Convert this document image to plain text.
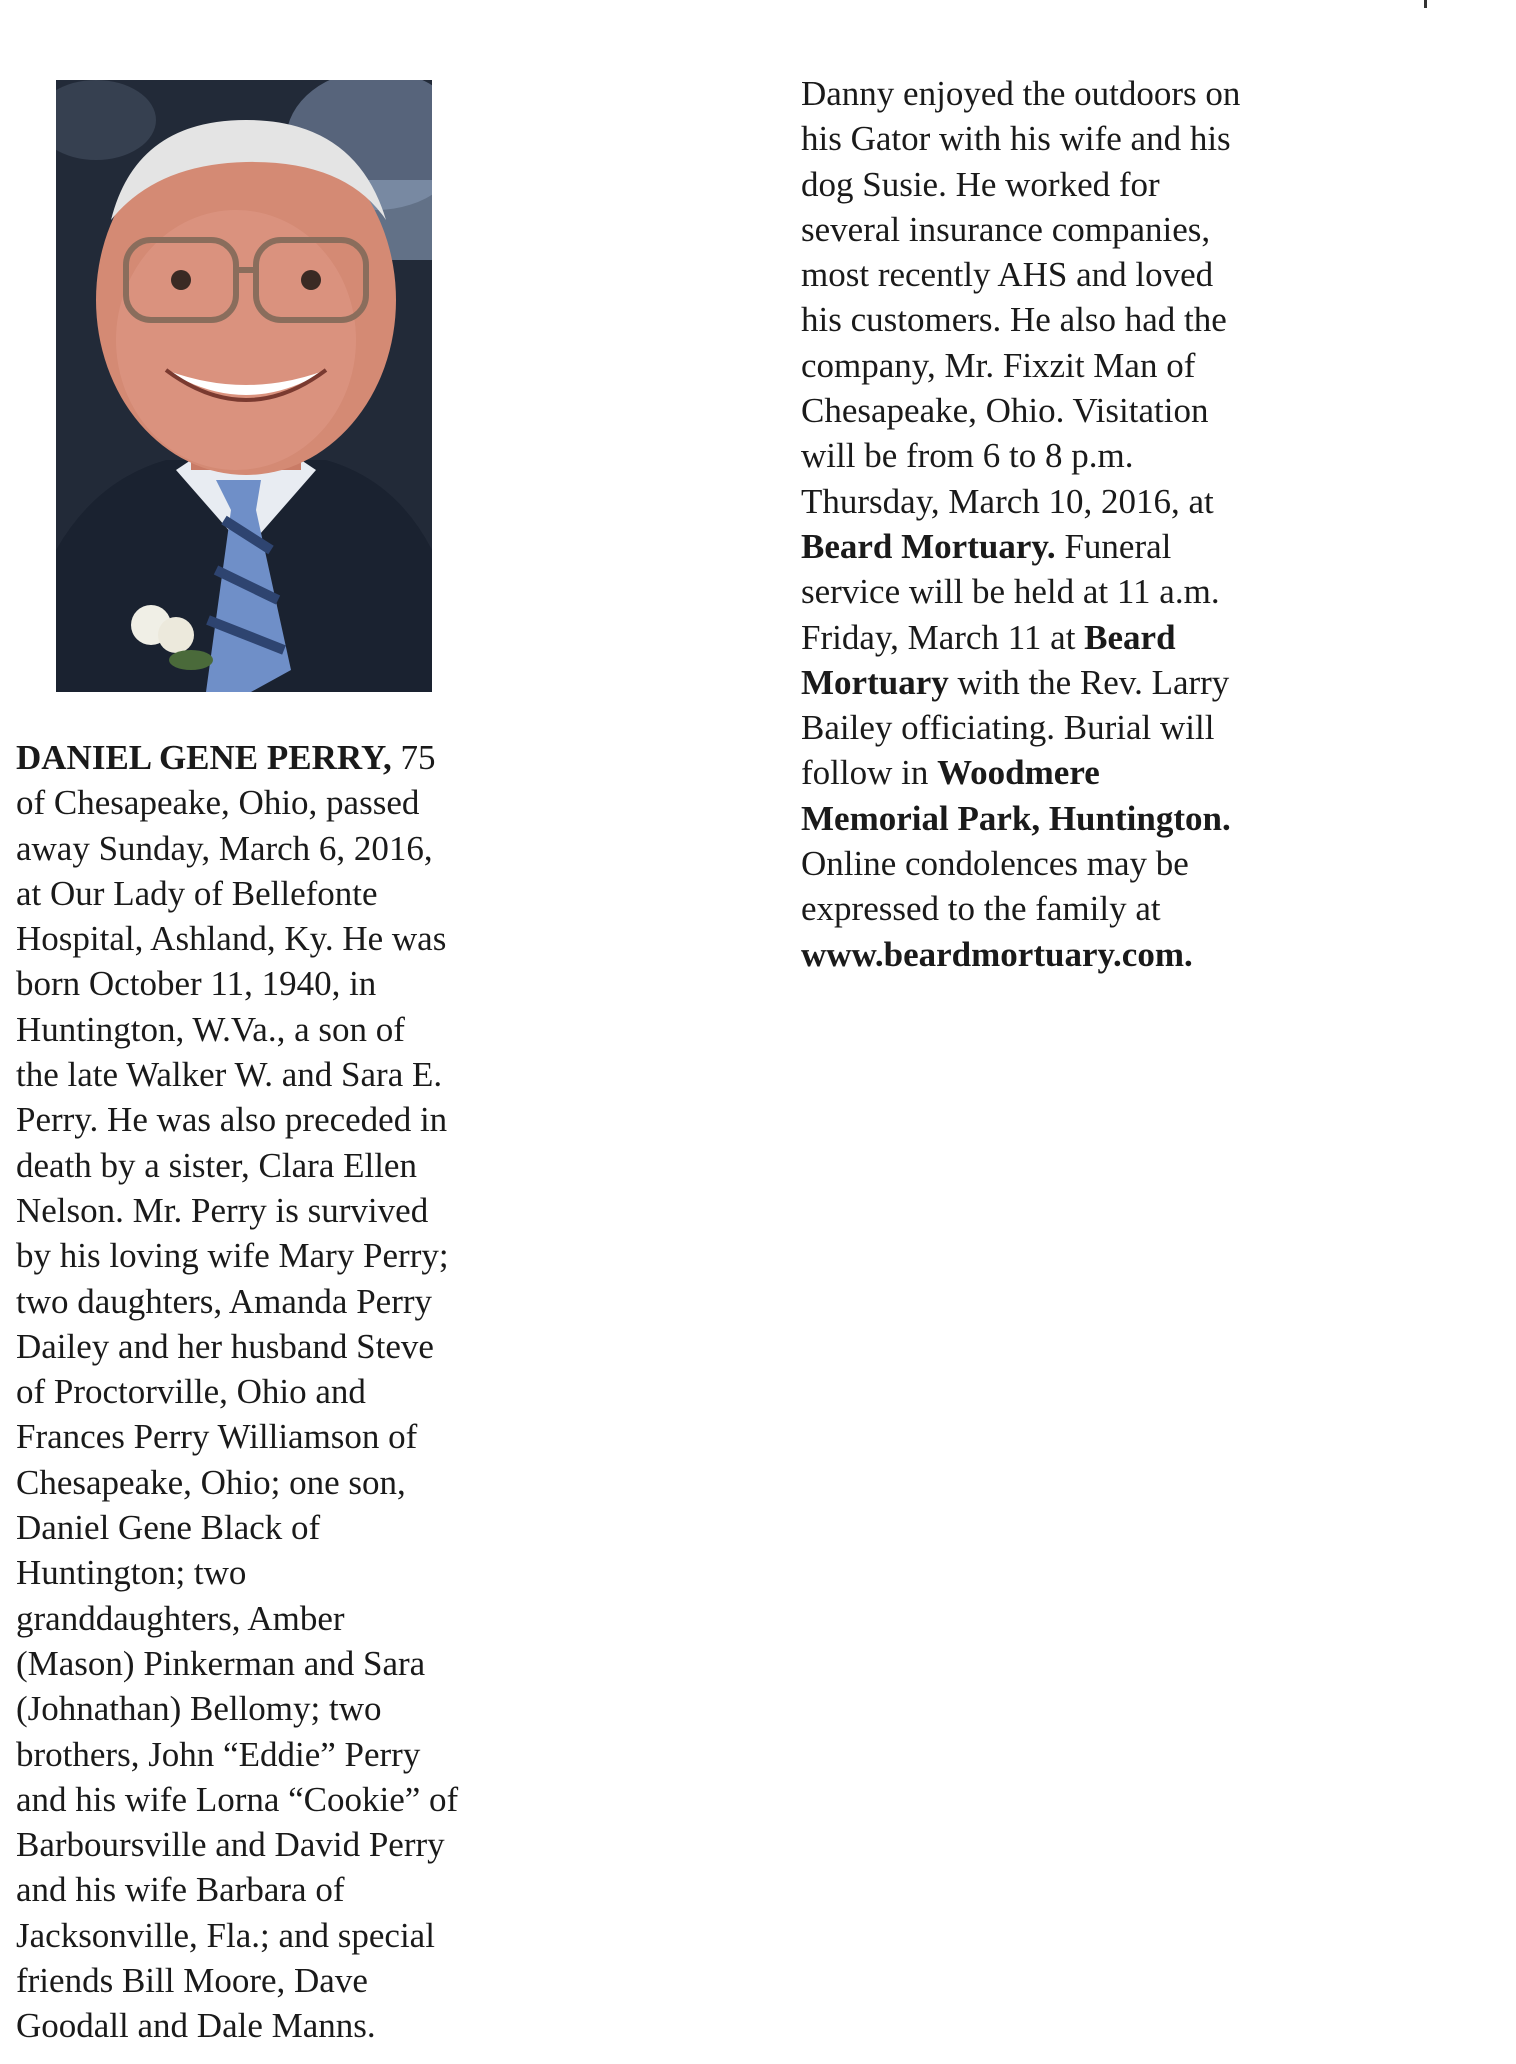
DANIEL GENE PERRY, 75
of Chesapeake, Ohio, passed
away Sunday, March 6, 2016,
at Our Lady of Bellefonte
Hospital, Ashland, Ky. He was
born October 11, 1940, in
Huntington, W.Va., a son of
the late Walker W. and Sara E.
Perry. He was also preceded in
death by a sister, Clara Ellen
Nelson. Mr. Perry is survived
by his loving wife Mary Perry;
two daughters, Amanda Perry
Dailey and her husband Steve
of Proctorville, Ohio and
Frances Perry Williamson of
Chesapeake, Ohio; one son,
Daniel Gene Black of
Huntington; two
granddaughters, Amber
(Mason) Pinkerman and Sara
(Johnathan) Bellomy; two
brothers, John “Eddie” Perry
and his wife Lorna “Cookie” of
Barboursville and David Perry
and his wife Barbara of
Jacksonville, Fla.; and special
friends Bill Moore, Dave
Goodall and Dale Manns.
Danny enjoyed the outdoors on
his Gator with his wife and his
dog Susie. He worked for
several insurance companies,
most recently AHS and loved
his customers. He also had the
company, Mr. Fixzit Man of
Chesapeake, Ohio. Visitation
will be from 6 to 8 p.m.
Thursday, March 10, 2016, at
Beard Mortuary. Funeral
service will be held at 11 a.m.
Friday, March 11 at Beard
Mortuary with the Rev. Larry
Bailey officiating. Burial will
follow in Woodmere
Memorial Park, Huntington.
Online condolences may be
expressed to the family at
www.beardmortuary.com.
